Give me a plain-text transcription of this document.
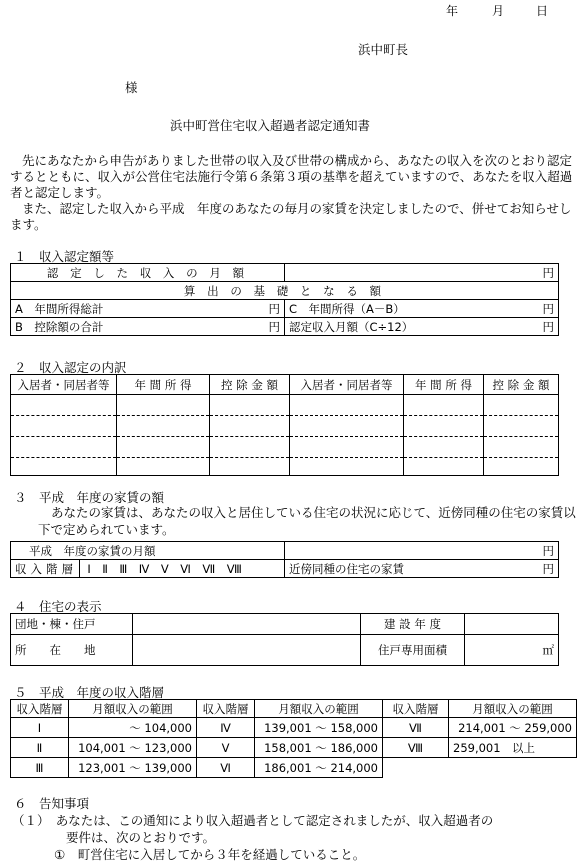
年	月	日
浜中町長
様
浜中町営住宅収入超過者認定通知書

先にあなたから申告がありました世帯の収入及び世帯の構成から、あなたの収入を次のとおり認定するとともに、収入が公営住宅法施行令第６条第３項の基準を超えていますので、あなたを収入超過者と認定します。

また、認定した収入から平成　年度のあなたの毎月の家賃を決定しましたので、併せてお知らせします。

１　収入認定額等
認 定 し た 収 入 の 月 額	円
算 出 の 基 礎 と な る 額	
A　年間所得総計 円	C　年間所得（A－B） 円

B　控除額の合計 円	認定収入月額（C÷12） 円
２　収入認定の内訳
入居者・同居者等	年 間 所 得	控 除 金 額	入居者・同居者等	年 間 所 得	控 除 金 額

３　平成　年度の家賃の額
あなたの家賃は、あなたの収入と居住している住宅の状況に応じて、近傍同種の住宅の家賃以下で定められています。
平成　年度の家賃の月額	円
収入階層 Ⅰ　Ⅱ　Ⅲ　Ⅳ　Ⅴ　Ⅵ　Ⅶ　Ⅷ	近傍同種の住宅の家賃 円
４　住宅の表示
団地・棟・住戸		建 設 年 度	
所　　在　　地		住戸専用面積	㎡
５　平成　年度の収入階層
収入階層	月額収入の範囲	収入階層	月額収入の範囲	収入階層	月額収入の範囲
Ⅰ	～ 104,000	Ⅳ	139,001 ～ 158,000	Ⅶ	214,001 ～ 259,000
Ⅱ	104,001 ～ 123,000	Ⅴ	158,001 ～ 186,000	Ⅷ	259,001　以上
Ⅲ	123,001 ～ 139,000	Ⅵ	186,001 ～ 214,000		
６　告知事項
（１）　あなたは、この通知により収入超過者として認定されましたが、収入超過者の
要件は、次のとおりです。
①　町営住宅に入居してから３年を経過していること。
